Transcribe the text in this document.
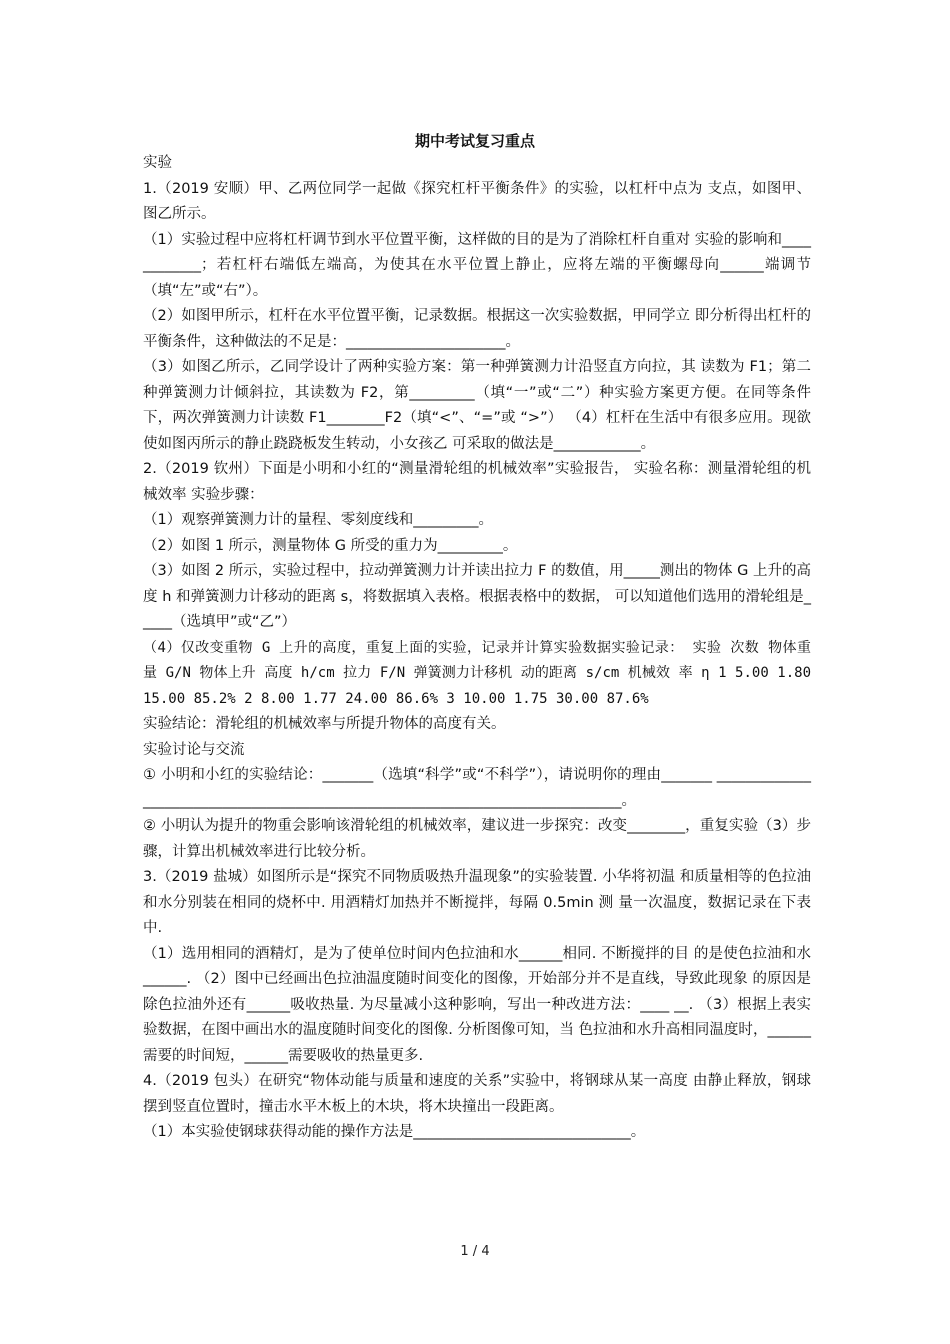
期中考试复习重点

实验

1.（2019 安顺）甲、乙两位同学一起做《探究杠杆平衡条件》的实验，以杠杆中点为 支点，如图甲、图乙所示。

（1）实验过程中应将杠杆调节到水平位置平衡，这样做的目的是为了消除杠杆自重对 实验的影响和____________；若杠杆右端低左端高，为使其在水平位置上静止，应将左端的平衡螺母向______端调节（填“左”或“右”）。

（2）如图甲所示，杠杆在水平位置平衡，记录数据。根据这一次实验数据，甲同学立 即分析得出杠杆的平衡条件，这种做法的不足是：______________________。

（3）如图乙所示，乙同学设计了两种实验方案：第一种弹簧测力计沿竖直方向拉，其 读数为 F1；第二种弹簧测力计倾斜拉，其读数为 F2，第_________（填“一”或“二”）种实验方案更方便。在同等条件下，两次弹簧测力计读数 F1________F2（填“<”、“=”或 “>”） （4）杠杆在生活中有很多应用。现欲使如图丙所示的静止跷跷板发生转动，小女孩乙 可采取的做法是____________。

2.（2019 钦州）下面是小明和小红的“测量滑轮组的机械效率”实验报告， 实验名称：测量滑轮组的机械效率 实验步骤：

（1）观察弹簧测力计的量程、零刻度线和_________。

（2）如图 1 所示，测量物体 G 所受的重力为_________。

（3）如图 2 所示，实验过程中，拉动弹簧测力计并读出拉力 F 的数值，用_____测出的物体 G 上升的高度 h 和弹簧测力计移动的距离 s，将数据填入表格。根据表格中的数据， 可以知道他们选用的滑轮组是_____（选填甲”或“乙”）

（4）仅改变重物 G 上升的高度，重复上面的实验，记录并计算实验数据实验记录： 实验 次数 物体重 量 G/N 物体上升 高度 h/cm 拉力 F/N 弹簧测力计移机 动的距离 s/cm 机械效 率 η 1 5.00 1.80 15.00 85.2% 2 8.00 1.77 24.00 86.6% 3 10.00 1.75 30.00 87.6%

实验结论：滑轮组的机械效率与所提升物体的高度有关。

实验讨论与交流

① 小明和小红的实验结论：_______（选填“科学”或“不科学”），请说明你的理由_______ _______________________________________________________________________________。

② 小明认为提升的物重会影响该滑轮组的机械效率，建议进一步探究：改变________，重复实验（3）步骤，计算出机械效率进行比较分析。

3.（2019 盐城）如图所示是“探究不同物质吸热升温现象”的实验装置. 小华将初温 和质量相等的色拉油和水分别装在相同的烧杯中. 用酒精灯加热并不断搅拌，每隔 0.5min 测 量一次温度，数据记录在下表中.

（1）选用相同的酒精灯，是为了使单位时间内色拉油和水______相同. 不断搅拌的目 的是使色拉油和水______. （2）图中已经画出色拉油温度随时间变化的图像，开始部分并不是直线，导致此现象 的原因是除色拉油外还有______吸收热量. 为尽量减小这种影响，写出一种改进方法：____ __. （3）根据上表实验数据，在图中画出水的温度随时间变化的图像. 分析图像可知，当 色拉油和水升高相同温度时，______需要的时间短，______需要吸收的热量更多.

4.（2019 包头）在研究“物体动能与质量和速度的关系”实验中，将钢球从某一高度 由静止释放，钢球摆到竖直位置时，撞击水平木板上的木块，将木块撞出一段距离。

（1）本实验使钢球获得动能的操作方法是______________________________。

1 / 4
